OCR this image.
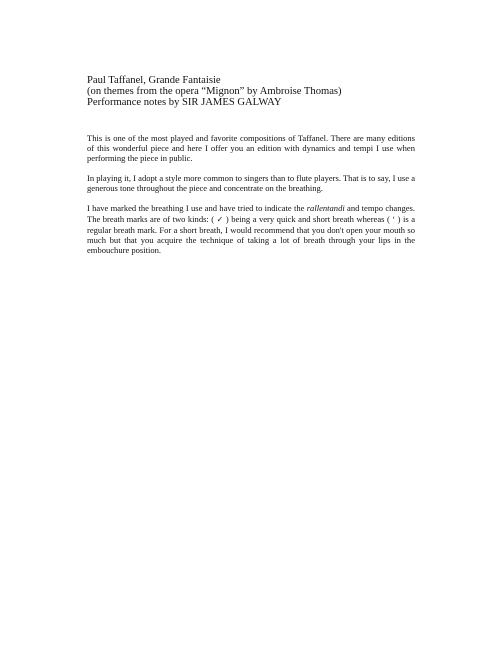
Paul Taffanel, Grande Fantaisie
(on themes from the opera “Mignon” by Ambroise Thomas)
Performance notes by SIR JAMES GALWAY

This is one of the most played and favorite compositions of Taffanel. There are many editions of this wonderful piece and here I offer you an edition with dynamics and tempi I use when performing the piece in public.

In playing it, I adopt a style more common to singers than to flute players. That is to say, I use a generous tone throughout the piece and concentrate on the breathing.

I have marked the breathing I use and have tried to indicate the rallentandi and tempo changes. The breath marks are of two kinds: ( ✓ ) being a very quick and short breath whereas ( ‘ ) is a regular breath mark. For a short breath, I would recommend that you don't open your mouth so much but that you acquire the technique of taking a lot of breath through your lips in the embouchure position.
